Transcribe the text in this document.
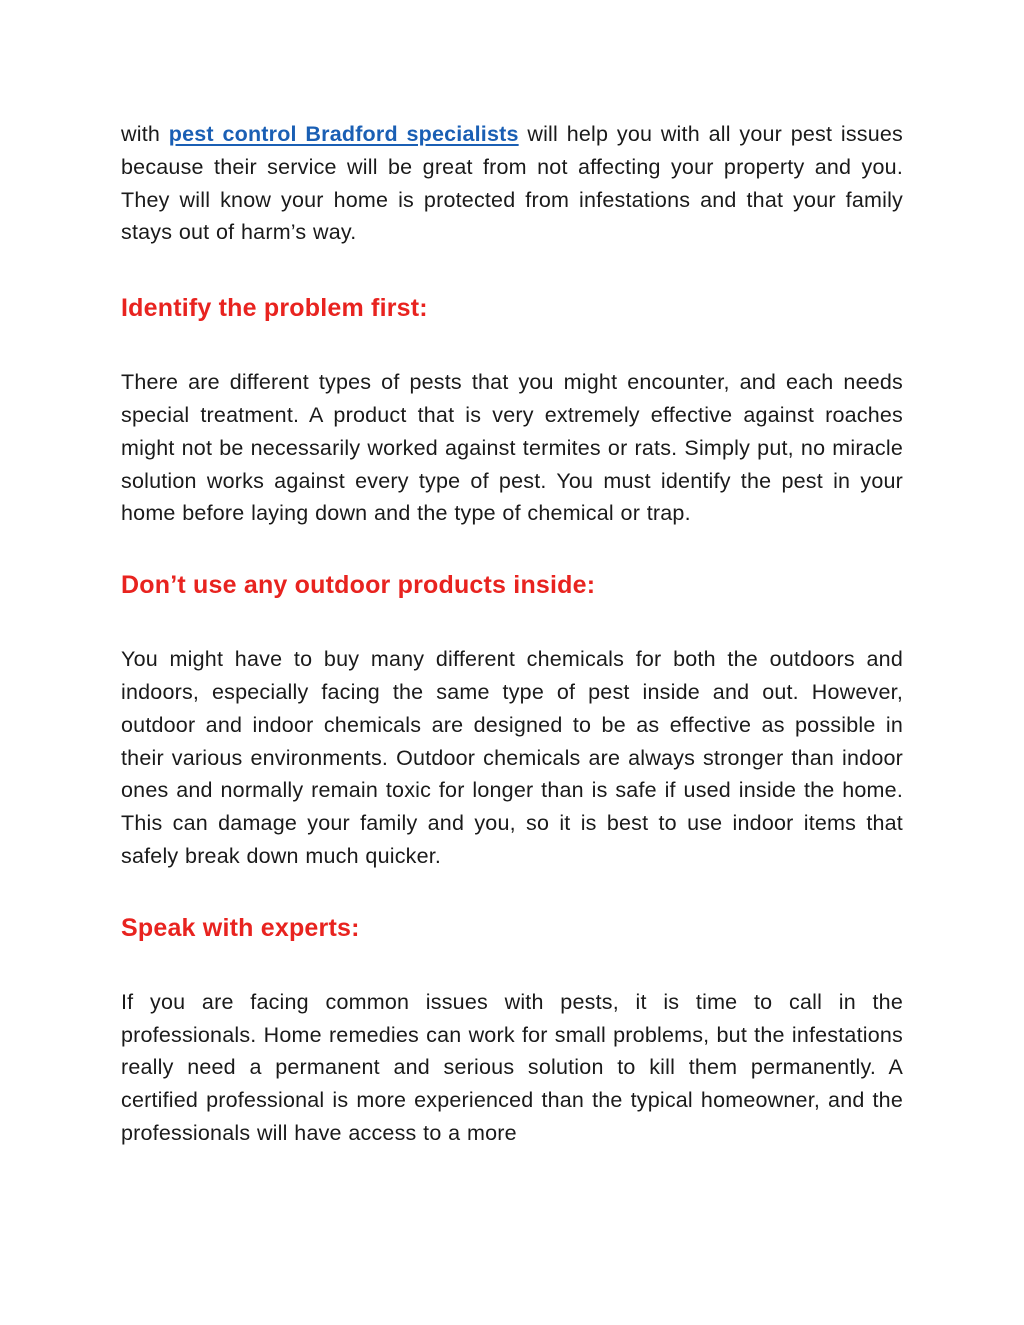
with pest control Bradford specialists will help you with all your pest issues because their service will be great from not affecting your property and you. They will know your home is protected from infestations and that your family stays out of harm’s way.

Identify the problem first:

There are different types of pests that you might encounter, and each needs special treatment. A product that is very extremely effective against roaches might not be necessarily worked against termites or rats. Simply put, no miracle solution works against every type of pest. You must identify the pest in your home before laying down and the type of chemical or trap.

Don’t use any outdoor products inside:

You might have to buy many different chemicals for both the outdoors and indoors, especially facing the same type of pest inside and out. However, outdoor and indoor chemicals are designed to be as effective as possible in their various environments. Outdoor chemicals are always stronger than indoor ones and normally remain toxic for longer than is safe if used inside the home. This can damage your family and you, so it is best to use indoor items that safely break down much quicker.

Speak with experts:

If you are facing common issues with pests, it is time to call in the professionals. Home remedies can work for small problems, but the infestations really need a permanent and serious solution to kill them permanently. A certified professional is more experienced than the typical homeowner, and the professionals will have access to a more
